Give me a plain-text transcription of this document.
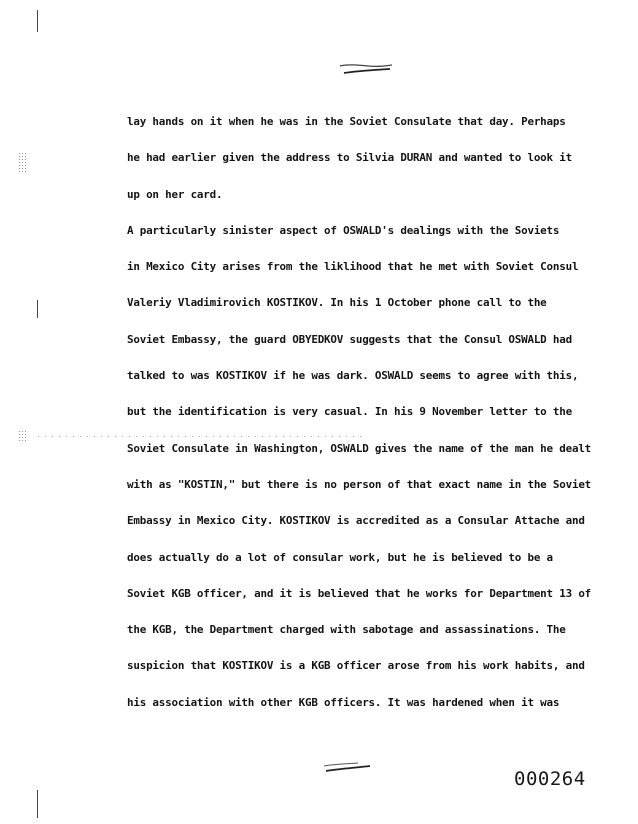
lay hands on it when he was in the Soviet Consulate that day. Perhaps
he had earlier given the address to Silvia DURAN and wanted to look it
up on her card.
A particularly sinister aspect of OSWALD's dealings with the Soviets
in Mexico City arises from the liklihood that he met with Soviet Consul
Valeriy Vladimirovich KOSTIKOV. In his 1 October phone call to the
Soviet Embassy, the guard OBYEDKOV suggests that the Consul OSWALD had
talked to was KOSTIKOV if he was dark. OSWALD seems to agree with this,
but the identification is very casual. In his 9 November letter to the
Soviet Consulate in Washington, OSWALD gives the name of the man he dealt
with as "KOSTIN," but there is no person of that exact name in the Soviet
Embassy in Mexico City. KOSTIKOV is accredited as a Consular Attache and
does actually do a lot of consular work, but he is believed to be a
Soviet KGB officer, and it is believed that he works for Department 13 of
the KGB, the Department charged with sabotage and assassinations. The
suspicion that KOSTIKOV is a KGB officer arose from his work habits, and
his association with other KGB officers. It was hardened when it was
000264
